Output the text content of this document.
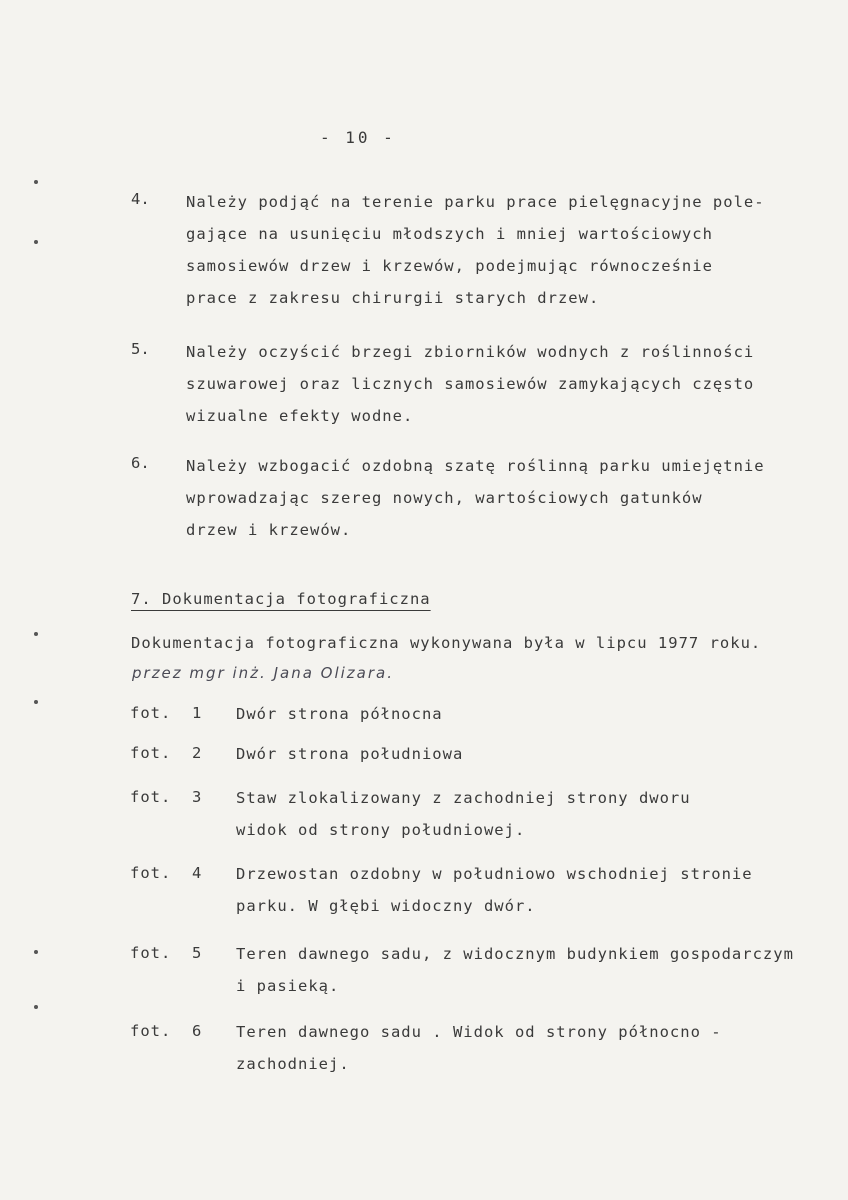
- 10 -
4. Należy podjąć na terenie parku prace pielęgnacyjne pole-
gające na usunięciu młodszych i mniej wartościowych
samosiewów drzew i krzewów, podejmując równocześnie
prace z zakresu chirurgii starych drzew.
5. Należy oczyścić brzegi zbiorników wodnych z roślinności
szuwarowej oraz licznych samosiewów zamykających często
wizualne efekty wodne.
6. Należy wzbogacić ozdobną szatę roślinną parku umiejętnie
wprowadzając szereg nowych, wartościowych gatunków
drzew i krzewów.
7. Dokumentacja fotograficzna
Dokumentacja fotograficzna wykonywana była w lipcu 1977 roku.
przez mgr inż. Jana Olizara.
fot. 1 Dwór strona północna
fot. 2 Dwór strona południowa
fot. 3 Staw zlokalizowany z zachodniej strony dworu
widok od strony południowej.
fot. 4 Drzewostan ozdobny w południowo wschodniej stronie
parku. W głębi widoczny dwór.
fot. 5 Teren dawnego sadu, z widocznym budynkiem gospodarczym
i pasieką.
fot. 6 Teren dawnego sadu . Widok od strony północno -
zachodniej.
